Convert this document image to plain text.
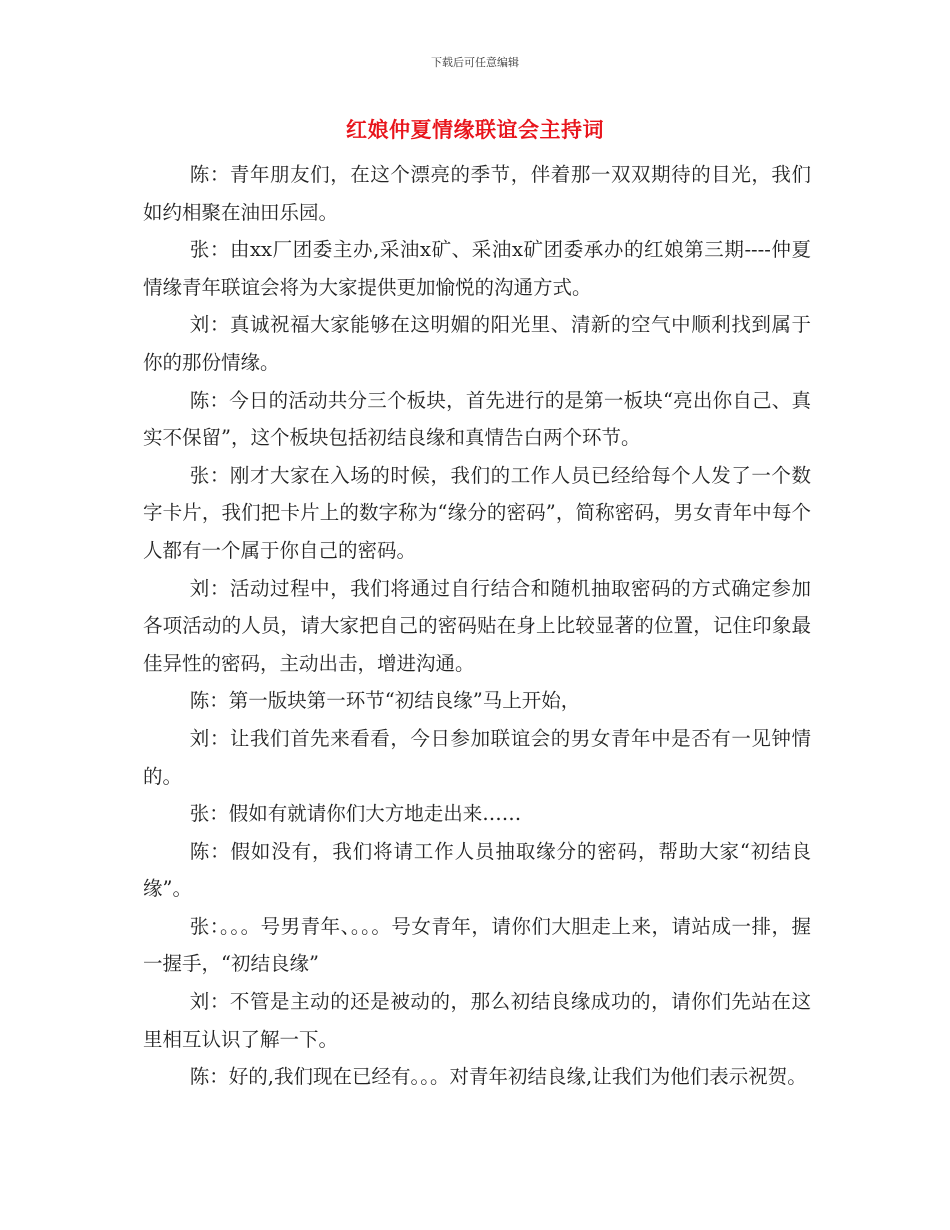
下载后可任意编辑
红娘仲夏情缘联谊会主持词

陈：青年朋友们，在这个漂亮的季节，伴着那一双双期待的目光，我们如约相聚在油田乐园。

张：由xx厂团委主办,采油x矿、采油x矿团委承办的红娘第三期----仲夏情缘青年联谊会将为大家提供更加愉悦的沟通方式。

刘：真诚祝福大家能够在这明媚的阳光里、清新的空气中顺利找到属于你的那份情缘。

陈：今日的活动共分三个板块，首先进行的是第一板块“亮出你自己、真实不保留”，这个板块包括初结良缘和真情告白两个环节。

张：刚才大家在入场的时候，我们的工作人员已经给每个人发了一个数字卡片，我们把卡片上的数字称为“缘分的密码”，简称密码，男女青年中每个人都有一个属于你自己的密码。

刘：活动过程中，我们将通过自行结合和随机抽取密码的方式确定参加各项活动的人员，请大家把自己的密码贴在身上比较显著的位置，记住印象最佳异性的密码，主动出击，增进沟通。

陈：第一版块第一环节“初结良缘”马上开始，

刘：让我们首先来看看，今日参加联谊会的男女青年中是否有一见钟情的。

张：假如有就请你们大方地走出来……

陈：假如没有，我们将请工作人员抽取缘分的密码，帮助大家“初结良缘”。

张：。。。号男青年、。。。号女青年，请你们大胆走上来，请站成一排，握一握手，“初结良缘”

刘：不管是主动的还是被动的，那么初结良缘成功的，请你们先站在这里相互认识了解一下。

陈：好的,我们现在已经有。。。对青年初结良缘,让我们为他们表示祝贺。
